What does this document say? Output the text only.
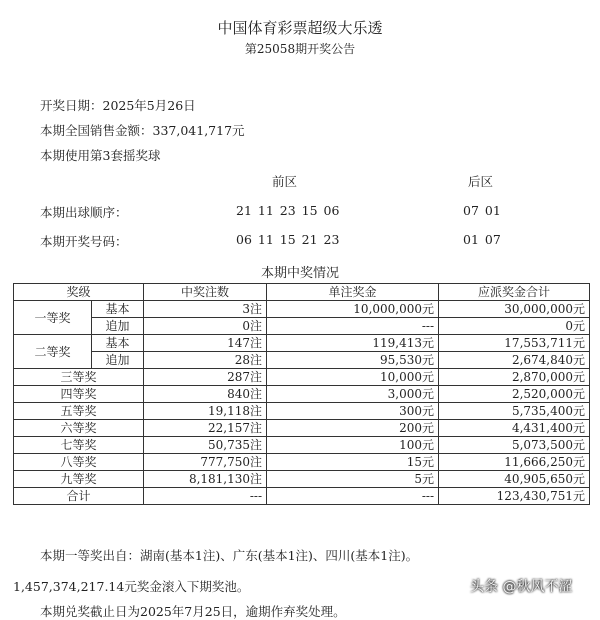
中国体育彩票超级大乐透
第25058期开奖公告
开奖日期：2025年5月26日
本期全国销售金额：337,041,717元
本期使用第3套摇奖球
前区	后区
本期出球顺序：	21 11 23 15 06	07 01
本期开奖号码：	06 11 15 21 23	01 07
本期中奖情况
奖级		中奖注数	单注奖金	应派奖金合计
一等奖	基本	3注	10,000,000元	30,000,000元
	追加	0注	---	0元
二等奖	基本	147注	119,413元	17,553,711元
	追加	28注	95,530元	2,674,840元
三等奖		287注	10,000元	2,870,000元
四等奖		840注	3,000元	2,520,000元
五等奖		19,118注	300元	5,735,400元
六等奖		22,157注	200元	4,431,400元
七等奖		50,735注	100元	5,073,500元
八等奖		777,750注	15元	11,666,250元
九等奖		8,181,130注	5元	40,905,650元
合计		---	---	123,430,751元
本期一等奖出自：湖南(基本1注)、广东(基本1注)、四川(基本1注)。
1,457,374,217.14元奖金滚入下期奖池。
本期兑奖截止日为2025年7月25日，逾期作弃奖处理。
头条 @秋风不涩
